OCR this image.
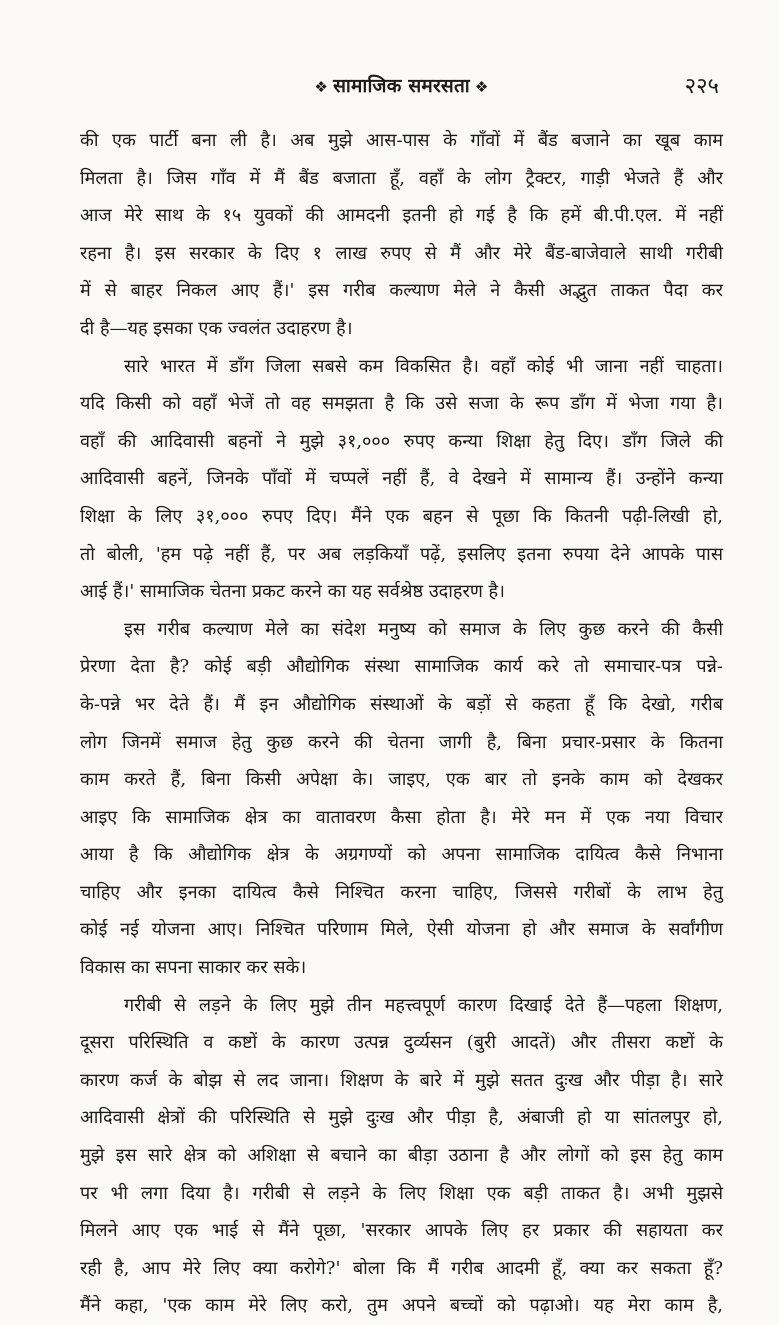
❖ सामाजिक समरसता ❖	२२५

की एक पार्टी बना ली है। अब मुझे आस-पास के गाँवों में बैंड बजाने का खूब काम

मिलता है। जिस गाँव में मैं बैंड बजाता हूँ, वहाँ के लोग ट्रैक्टर, गाड़ी भेजते हैं और

आज मेरे साथ के १५ युवकों की आमदनी इतनी हो गई है कि हमें बी.पी.एल. में नहीं

रहना है। इस सरकार के दिए १ लाख रुपए से मैं और मेरे बैंड-बाजेवाले साथी गरीबी

में से बाहर निकल आए हैं।' इस गरीब कल्याण मेले ने कैसी अद्भुत ताकत पैदा कर

दी है—यह इसका एक ज्वलंत उदाहरण है।

सारे भारत में डाँग जिला सबसे कम विकसित है। वहाँ कोई भी जाना नहीं चाहता।

यदि किसी को वहाँ भेजें तो वह समझता है कि उसे सजा के रूप डाँग में भेजा गया है।

वहाँ की आदिवासी बहनों ने मुझे ३१,००० रुपए कन्या शिक्षा हेतु दिए। डाँग जिले की

आदिवासी बहनें, जिनके पाँवों में चप्पलें नहीं हैं, वे देखने में सामान्य हैं। उन्होंने कन्या

शिक्षा के लिए ३१,००० रुपए दिए। मैंने एक बहन से पूछा कि कितनी पढ़ी-लिखी हो,

तो बोली, 'हम पढ़े नहीं हैं, पर अब लड़कियाँ पढ़ें, इसलिए इतना रुपया देने आपके पास

आई हैं।' सामाजिक चेतना प्रकट करने का यह सर्वश्रेष्ठ उदाहरण है।

इस गरीब कल्याण मेले का संदेश मनुष्य को समाज के लिए कुछ करने की कैसी

प्रेरणा देता है? कोई बड़ी औद्योगिक संस्था सामाजिक कार्य करे तो समाचार-पत्र पन्ने-

के-पन्ने भर देते हैं। मैं इन औद्योगिक संस्थाओं के बड़ों से कहता हूँ कि देखो, गरीब

लोग जिनमें समाज हेतु कुछ करने की चेतना जागी है, बिना प्रचार-प्रसार के कितना

काम करते हैं, बिना किसी अपेक्षा के। जाइए, एक बार तो इनके काम को देखकर

आइए कि सामाजिक क्षेत्र का वातावरण कैसा होता है। मेरे मन में एक नया विचार

आया है कि औद्योगिक क्षेत्र के अग्रगण्यों को अपना सामाजिक दायित्व कैसे निभाना

चाहिए और इनका दायित्व कैसे निश्चित करना चाहिए, जिससे गरीबों के लाभ हेतु

कोई नई योजना आए। निश्चित परिणाम मिले, ऐसी योजना हो और समाज के सर्वांगीण

विकास का सपना साकार कर सके।

गरीबी से लड़ने के लिए मुझे तीन महत्त्वपूर्ण कारण दिखाई देते हैं—पहला शिक्षण,

दूसरा परिस्थिति व कष्टों के कारण उत्पन्न दुर्व्यसन (बुरी आदतें) और तीसरा कष्टों के

कारण कर्ज के बोझ से लद जाना। शिक्षण के बारे में मुझे सतत दुःख और पीड़ा है। सारे

आदिवासी क्षेत्रों की परिस्थिति से मुझे दुःख और पीड़ा है, अंबाजी हो या सांतलपुर हो,

मुझे इस सारे क्षेत्र को अशिक्षा से बचाने का बीड़ा उठाना है और लोगों को इस हेतु काम

पर भी लगा दिया है। गरीबी से लड़ने के लिए शिक्षा एक बड़ी ताकत है। अभी मुझसे

मिलने आए एक भाई से मैंने पूछा, 'सरकार आपके लिए हर प्रकार की सहायता कर

रही है, आप मेरे लिए क्या करोगे?' बोला कि मैं गरीब आदमी हूँ, क्या कर सकता हूँ?

मैंने कहा, 'एक काम मेरे लिए करो, तुम अपने बच्चों को पढ़ाओ। यह मेरा काम है,
